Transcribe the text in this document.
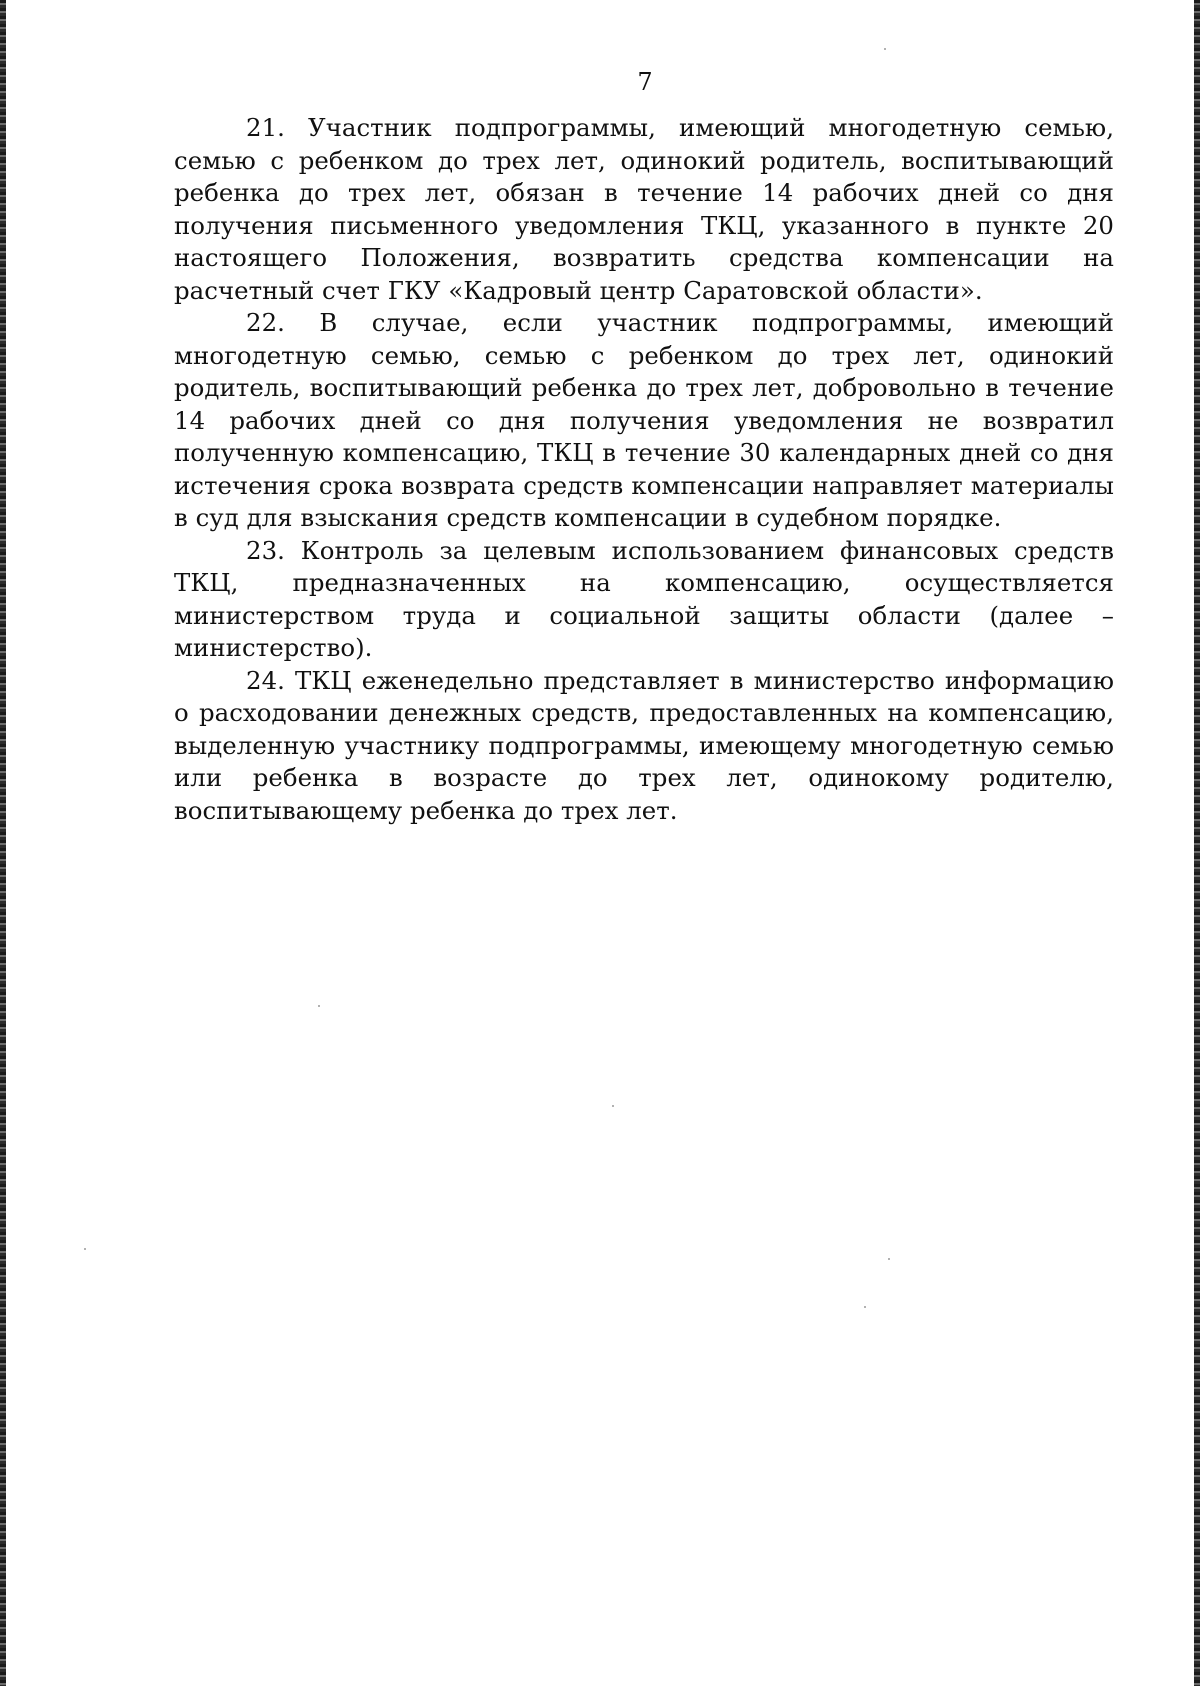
7

21. Участник подпрограммы, имеющий многодетную семью, семью с ребенком до трех лет, одинокий родитель, воспитывающий ребенка до трех лет, обязан в течение 14 рабочих дней со дня получения письменного уведомления ТКЦ, указанного в пункте 20 настоящего Положения, возвратить средства компенсации на расчетный счет ГКУ «Кадровый центр Саратовской области».

22. В случае, если участник подпрограммы, имеющий многодетную семью, семью с ребенком до трех лет, одинокий родитель, воспитывающий ребенка до трех лет, добровольно в течение 14 рабочих дней со дня получения уведомления не возвратил полученную компенсацию, ТКЦ в течение 30 календарных дней со дня истечения срока возврата средств компенсации направляет материалы в суд для взыскания средств компенсации в судебном порядке.

23. Контроль за целевым использованием финансовых средств ТКЦ, предназначенных на компенсацию, осуществляется министерством труда и социальной защиты области (далее – министерство).

24. ТКЦ еженедельно представляет в министерство информацию о расходовании денежных средств, предоставленных на компенсацию, выделенную участнику подпрограммы, имеющему многодетную семью или ребенка в возрасте до трех лет, одинокому родителю, воспитывающему ребенка до трех лет.
